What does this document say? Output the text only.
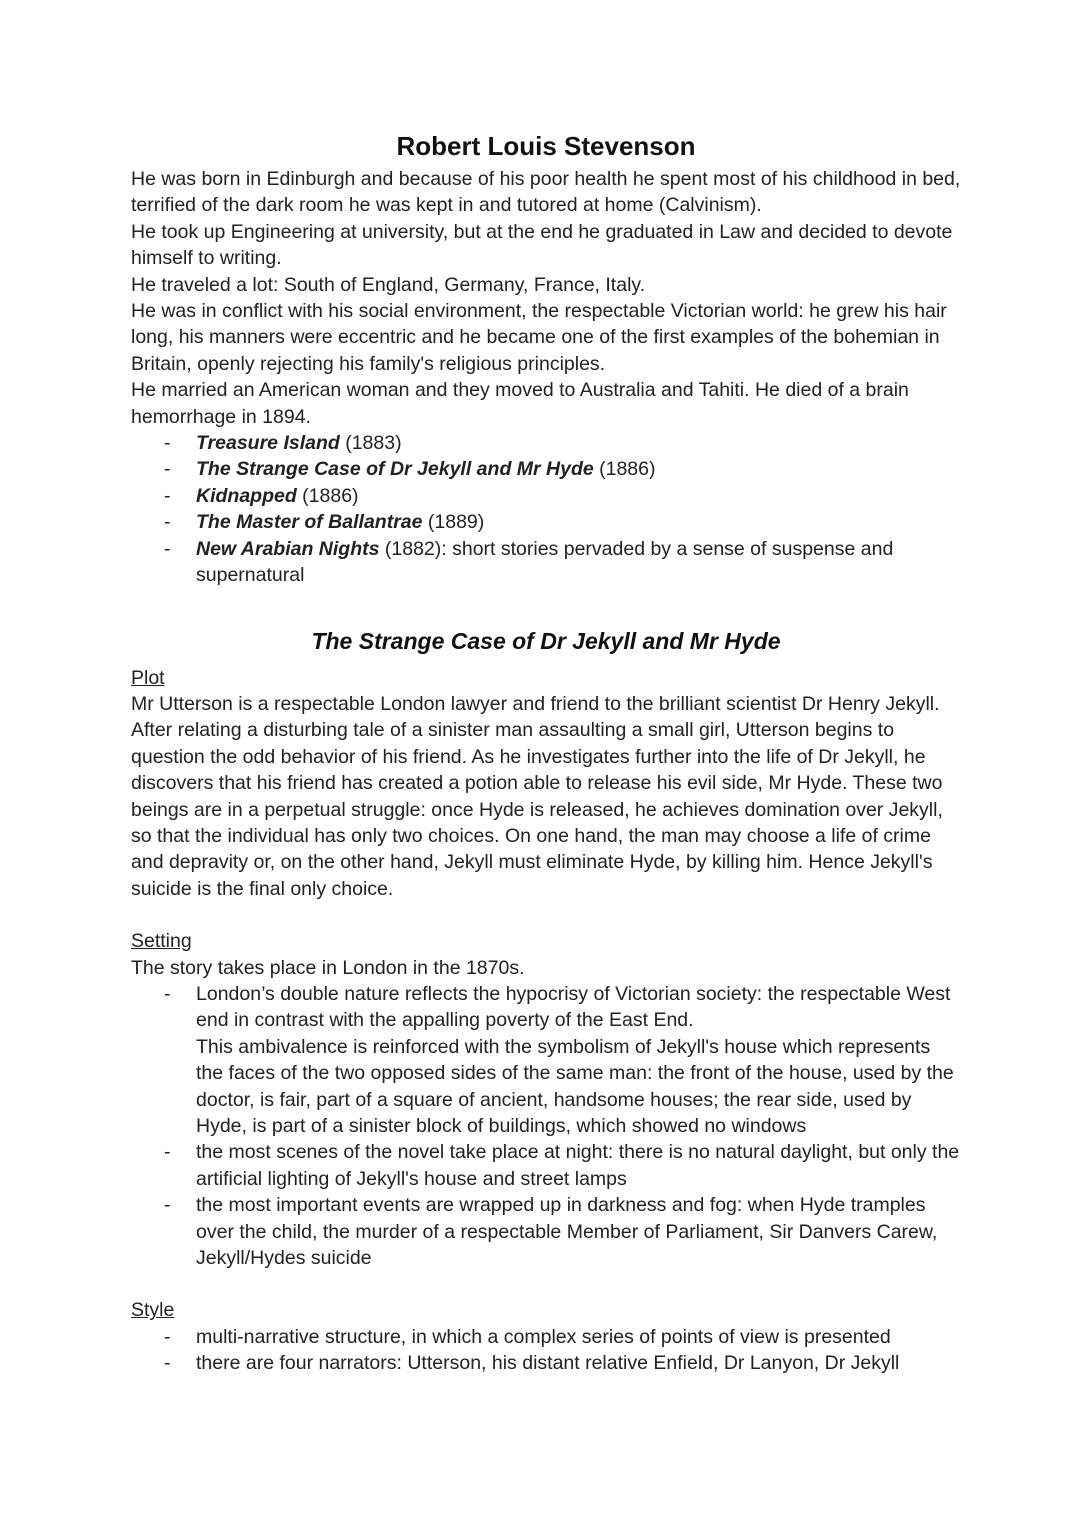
Robert Louis Stevenson

He was born in Edinburgh and because of his poor health he spent most of his childhood in bed, terrified of the dark room he was kept in and tutored at home (Calvinism).

He took up Engineering at university, but at the end he graduated in Law and decided to devote himself to writing.

He traveled a lot: South of England, Germany, France, Italy.

He was in conflict with his social environment, the respectable Victorian world: he grew his hair long, his manners were eccentric and he became one of the first examples of the bohemian in Britain, openly rejecting his family's religious principles.

He married an American woman and they moved to Australia and Tahiti. He died of a brain hemorrhage in 1894.

- Treasure Island (1883)
- The Strange Case of Dr Jekyll and Mr Hyde (1886)
- Kidnapped (1886)
- The Master of Ballantrae (1889)
- New Arabian Nights (1882): short stories pervaded by a sense of suspense and supernatural
The Strange Case of Dr Jekyll and Mr Hyde
Plot

Mr Utterson is a respectable London lawyer and friend to the brilliant scientist Dr Henry Jekyll. After relating a disturbing tale of a sinister man assaulting a small girl, Utterson begins to question the odd behavior of his friend. As he investigates further into the life of Dr Jekyll, he discovers that his friend has created a potion able to release his evil side, Mr Hyde. These two beings are in a perpetual struggle: once Hyde is released, he achieves domination over Jekyll, so that the individual has only two choices. On one hand, the man may choose a life of crime and depravity or, on the other hand, Jekyll must eliminate Hyde, by killing him. Hence Jekyll's suicide is the final only choice.

Setting

The story takes place in London in the 1870s.

- London’s double nature reflects the hypocrisy of Victorian society: the respectable West end in contrast with the appalling poverty of the East End.
This ambivalence is reinforced with the symbolism of Jekyll's house which represents the faces of the two opposed sides of the same man: the front of the house, used by the doctor, is fair, part of a square of ancient, handsome houses; the rear side, used by Hyde, is part of a sinister block of buildings, which showed no windows
- the most scenes of the novel take place at night: there is no natural daylight, but only the artificial lighting of Jekyll's house and street lamps
- the most important events are wrapped up in darkness and fog: when Hyde tramples over the child, the murder of a respectable Member of Parliament, Sir Danvers Carew, Jekyll/Hydes suicide
Style
- multi-narrative structure, in which a complex series of points of view is presented
- there are four narrators: Utterson, his distant relative Enfield, Dr Lanyon, Dr Jekyll
